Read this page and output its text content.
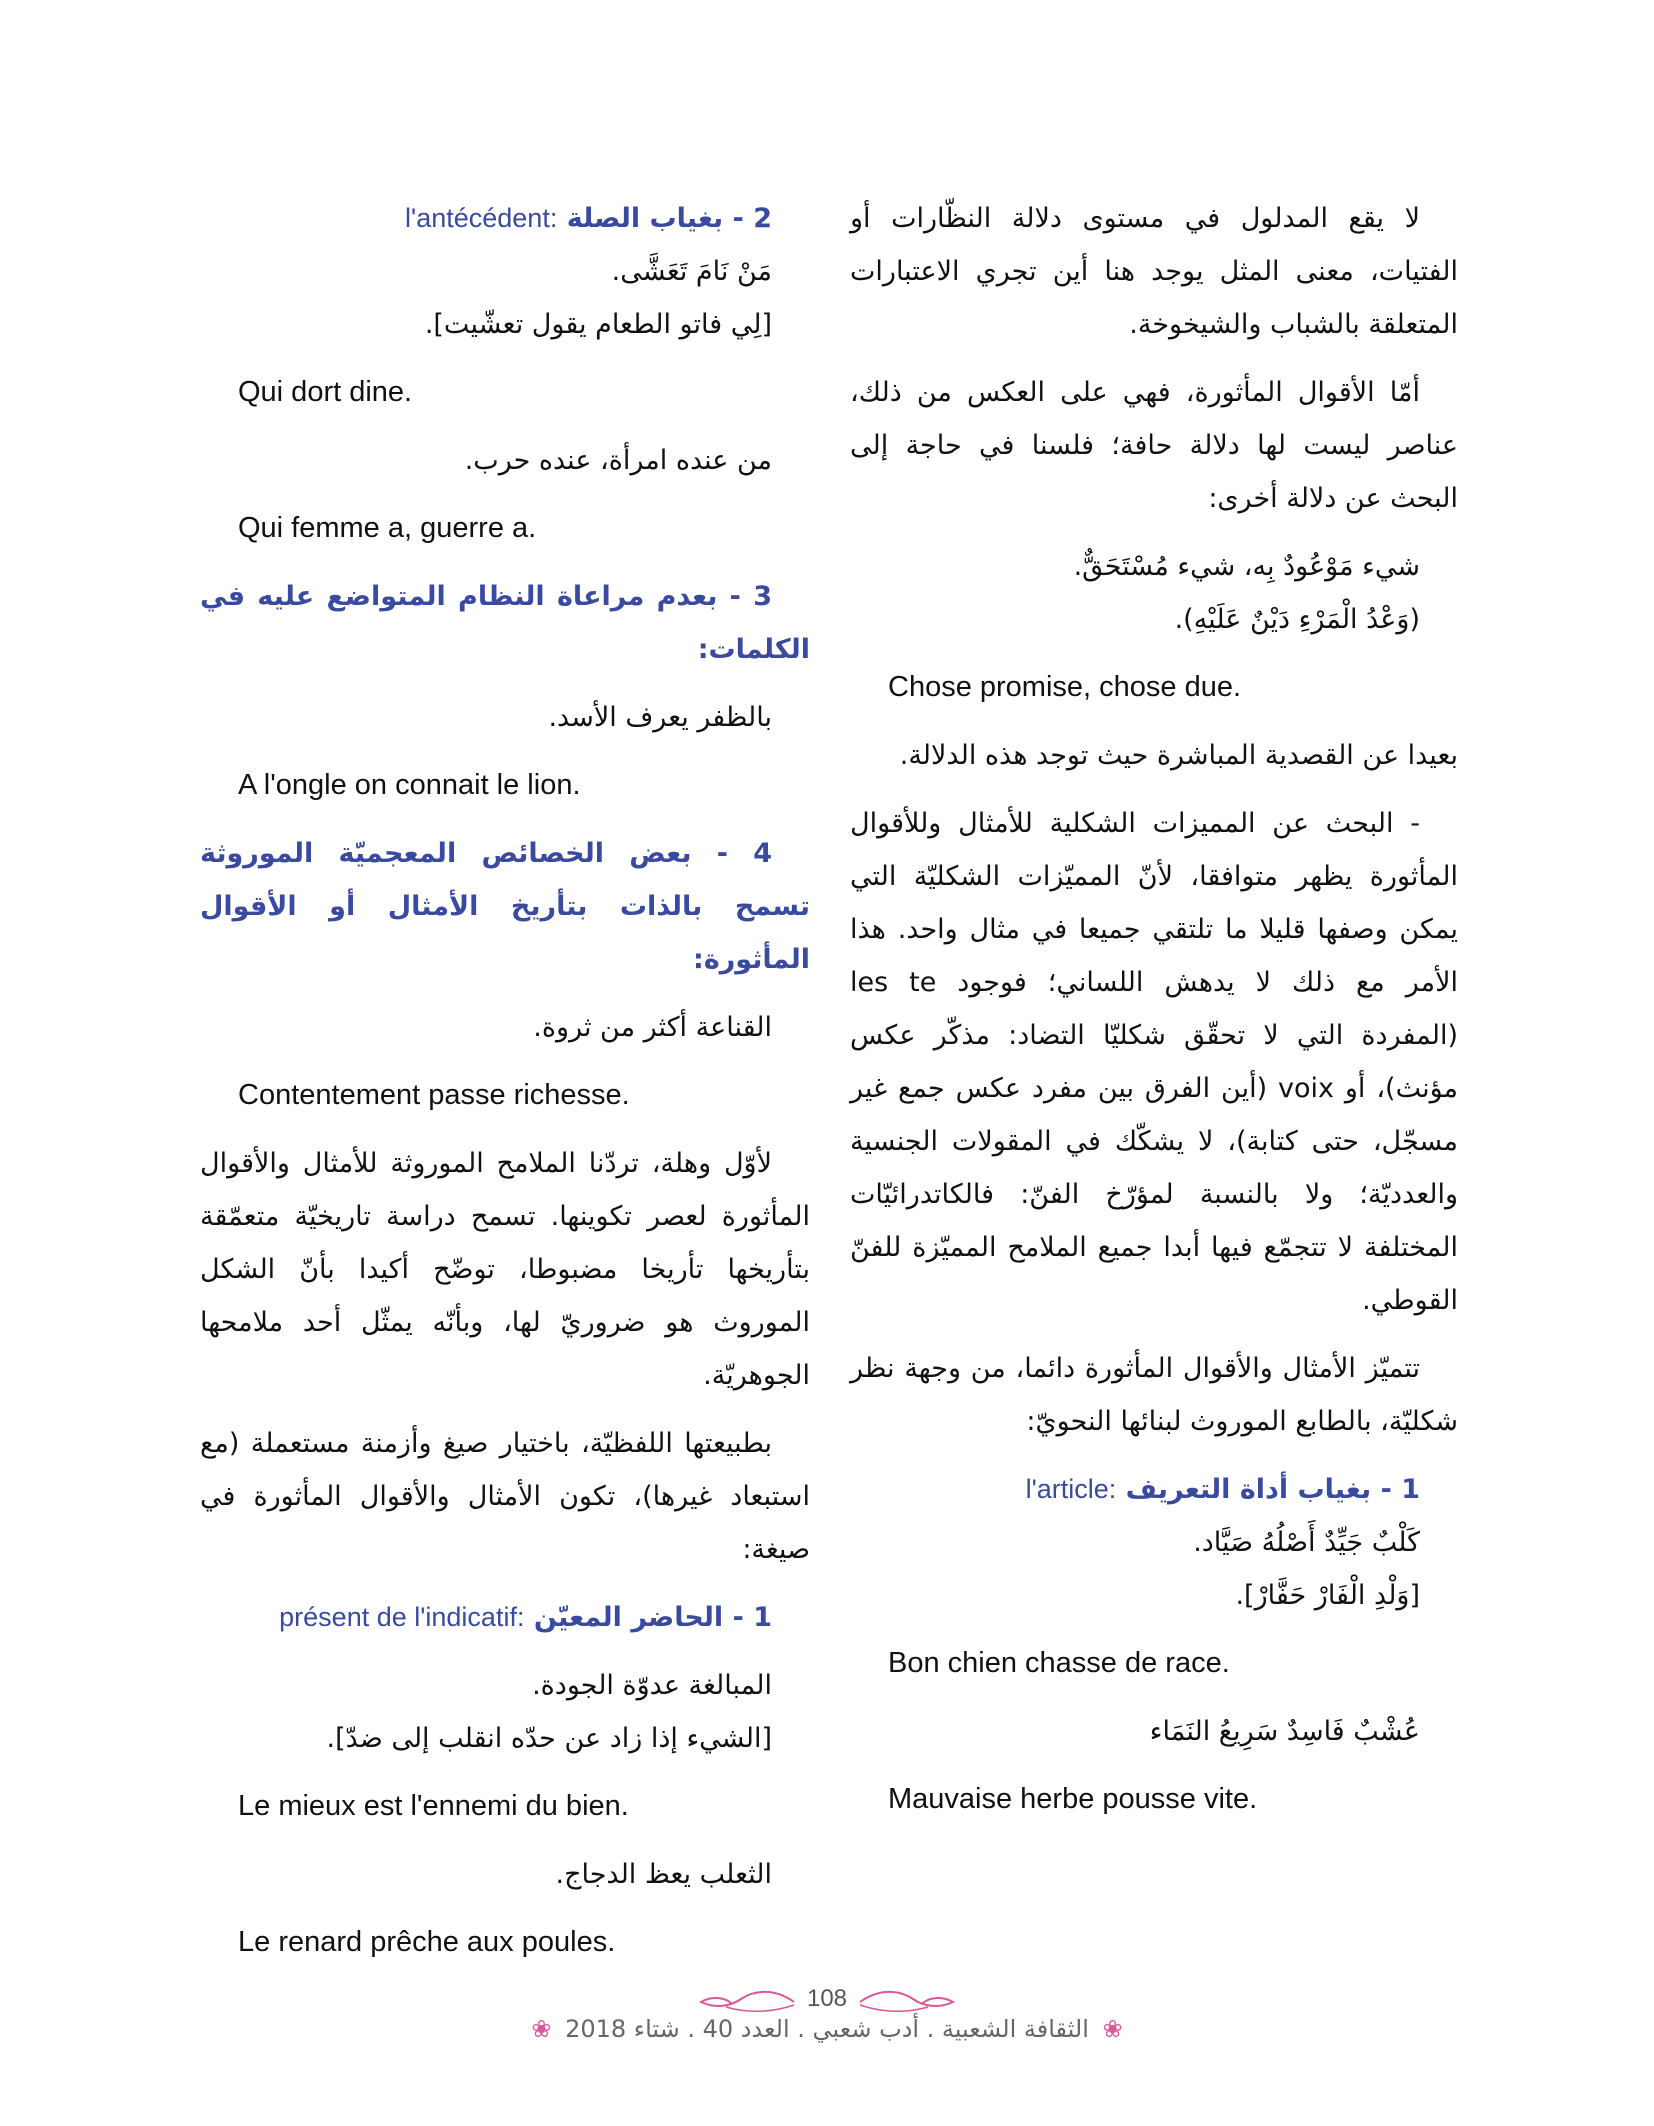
لا يقع المدلول في مستوى دلالة النظّارات أو الفتيات، معنى المثل يوجد هنا أين تجري الاعتبارات المتعلقة بالشباب والشيخوخة.

أمّا الأقوال المأثورة، فهي على العكس من ذلك، عناصر ليست لها دلالة حافة؛ فلسنا في حاجة إلى البحث عن دلالة أخرى:

شيء مَوْعُودٌ بِه، شيء مُسْتَحَقٌّ.

(وَعْدُ الْمَرْءِ دَيْنٌ عَلَيْهِ).

Chose promise, chose due.

بعيدا عن القصدية المباشرة حيث توجد هذه الدلالة.

- البحث عن المميزات الشكلية للأمثال وللأقوال المأثورة يظهر متوافقا، لأنّ المميّزات الشكليّة التي يمكن وصفها قليلا ما تلتقي جميعا في مثال واحد. هذا الأمر مع ذلك لا يدهش اللساني؛ فوجود les te (المفردة التي لا تحقّق شكليّا التضاد: مذكّر عكس مؤنث)، أو voix (أين الفرق بين مفرد عكس جمع غير مسجّل، حتى كتابة)، لا يشكّك في المقولات الجنسية والعدديّة؛ ولا بالنسبة لمؤرّخ الفنّ: فالكاتدرائيّات المختلفة لا تتجمّع فيها أبدا جميع الملامح المميّزة للفنّ القوطي.

تتميّز الأمثال والأقوال المأثورة دائما، من وجهة نظر شكليّة، بالطابع الموروث لبنائها النحويّ:

1 - بغياب أداة التعريف l'article:

كَلْبٌ جَيِّدٌ أَصْلُهُ صَيَّاد.

[وَلْدِ الْفَارْ حَفَّارْ].

Bon chien chasse de race.

عُشْبٌ فَاسِدٌ سَرِيعُ النَمَاء

Mauvaise herbe pousse vite.

2 - بغياب الصلة l'antécédent:

مَنْ نَامَ تَعَشَّى.

[لِي فاتو الطعام يقول تعشّيت].

Qui dort dine.

من عنده امرأة، عنده حرب.

Qui femme a, guerre a.

3 - بعدم مراعاة النظام المتواضع عليه في الكلمات:

بالظفر يعرف الأسد.

A l'ongle on connait le lion.

4 - بعض الخصائص المعجميّة الموروثة تسمح بالذات بتأريخ الأمثال أو الأقوال المأثورة:

القناعة أكثر من ثروة.

Contentement passe richesse.

لأوّل وهلة، تردّنا الملامح الموروثة للأمثال والأقوال المأثورة لعصر تكوينها. تسمح دراسة تاريخيّة متعمّقة بتأريخها تأريخا مضبوطا، توضّح أكيدا بأنّ الشكل الموروث هو ضروريّ لها، وبأنّه يمثّل أحد ملامحها الجوهريّة.

بطبيعتها اللفظيّة، باختيار صيغ وأزمنة مستعملة (مع استبعاد غيرها)، تكون الأمثال والأقوال المأثورة في صيغة:

1 - الحاضر المعيّن présent de l'indicatif:

المبالغة عدوّة الجودة.

[الشيء إذا زاد عن حدّه انقلب إلى ضدّ].

Le mieux est l'ennemi du bien.

الثعلب يعظ الدجاج.

Le renard prêche aux poules.

108
❀ الثقافة الشعبية . أدب شعبي . العدد 40 . شتاء 2018 ❀
